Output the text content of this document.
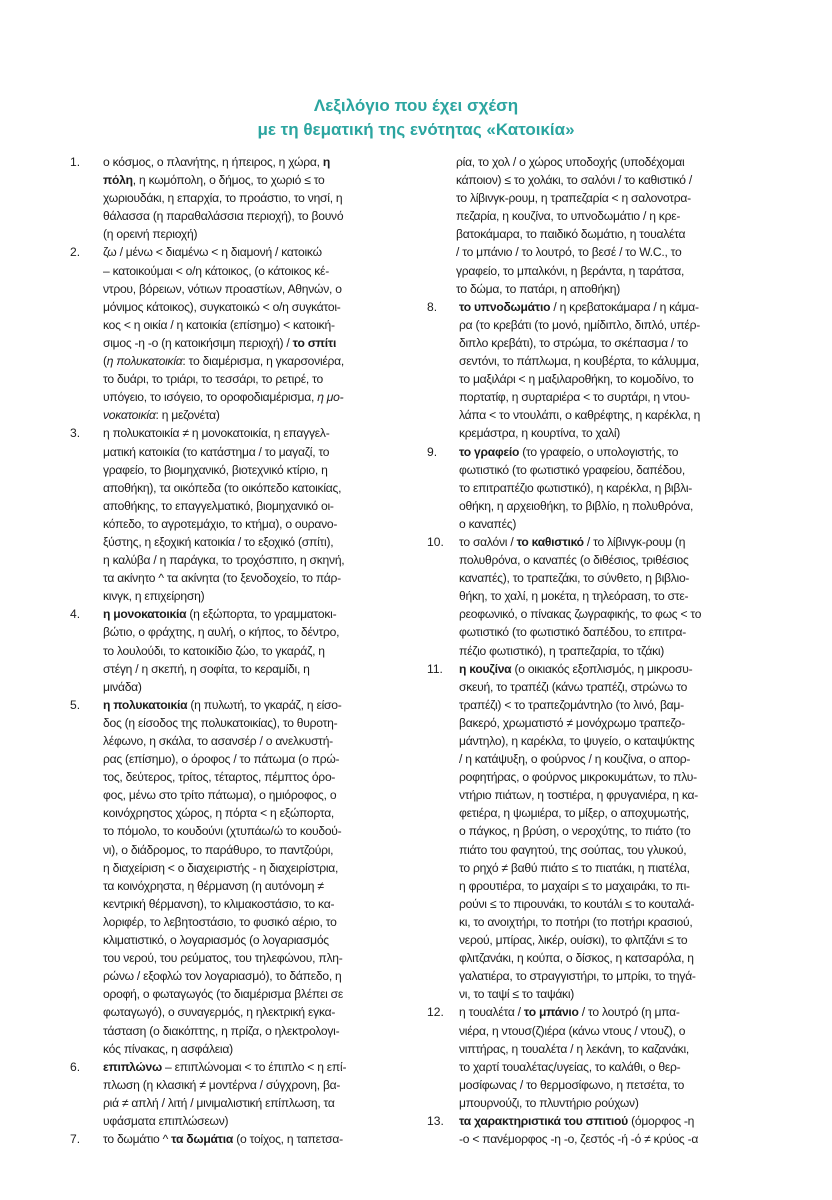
Λεξιλόγιο που έχει σχέση
με τη θεματική της ενότητας «Κατοικία»
1. ο κόσμος, ο πλανήτης, η ήπειρος, η χώρα, η
πόλη, η κωμόπολη, ο δήμος, το χωριό ≤ το
χωριουδάκι, η επαρχία, το προάστιο, το νησί, η
θάλασσα (η παραθαλάσσια περιοχή), το βουνό
(η ορεινή περιοχή)
2. ζω / μένω < διαμένω < η διαμονή / κατοικώ
– κατοικούμαι < ο/η κάτοικος, (ο κάτοικος κέ-
ντρου, βόρειων, νότιων προαστίων, Αθηνών, ο
μόνιμος κάτοικος), συγκατοικώ < ο/η συγκάτοι-
κος < η οικία / η κατοικία (επίσημο) < κατοική-
σιμος -η -ο (η κατοικήσιμη περιοχή) / το σπίτι
(η πολυκατοικία: το διαμέρισμα, η γκαρσονιέρα,
το δυάρι, το τριάρι, το τεσσάρι, το ρετιρέ, το
υπόγειο, το ισόγειο, το οροφοδιαμέρισμα, η μο-
νοκατοικία: η μεζονέτα)
3. η πολυκατοικία ≠ η μονοκατοικία, η επαγγελ-
ματική κατοικία (το κατάστημα / το μαγαζί, το
γραφείο, το βιομηχανικό, βιοτεχνικό κτίριο, η
αποθήκη), τα οικόπεδα (το οικόπεδο κατοικίας,
αποθήκης, το επαγγελματικό, βιομηχανικό οι-
κόπεδο, το αγροτεμάχιο, το κτήμα), ο ουρανο-
ξύστης, η εξοχική κατοικία / το εξοχικό (σπίτι),
η καλύβα / η παράγκα, το τροχόσπιτο, η σκηνή,
τα ακίνητο ^ τα ακίνητα (το ξενοδοχείο, το πάρ-
κινγκ, η επιχείρηση)
4. η μονοκατοικία (η εξώπορτα, το γραμματοκι-
βώτιο, ο φράχτης, η αυλή, ο κήπος, το δέντρο,
το λουλούδι, το κατοικίδιο ζώο, το γκαράζ, η
στέγη / η σκεπή, η σοφίτα, το κεραμίδι, η
μινάδα)
5. η πολυκατοικία (η πυλωτή, το γκαράζ, η είσο-
δος (η είσοδος της πολυκατοικίας), το θυροτη-
λέφωνο, η σκάλα, το ασανσέρ / ο ανελκυστή-
ρας (επίσημο), ο όροφος / το πάτωμα (ο πρώ-
τος, δεύτερος, τρίτος, τέταρτος, πέμπτος όρο-
φος, μένω στο τρίτο πάτωμα), ο ημιόροφος, ο
κοινόχρηστος χώρος, η πόρτα < η εξώπορτα,
το πόμολο, το κουδούνι (χτυπάω/ώ το κουδού-
νι), ο διάδρομος, το παράθυρο, το παντζούρι,
η διαχείριση < ο διαχειριστής - η διαχειρίστρια,
τα κοινόχρηστα, η θέρμανση (η αυτόνομη ≠
κεντρική θέρμανση), το κλιμακοστάσιο, το κα-
λοριφέρ, το λεβητοστάσιο, το φυσικό αέριο, το
κλιματιστικό, ο λογαριασμός (ο λογαριασμός
του νερού, του ρεύματος, του τηλεφώνου, πλη-
ρώνω / εξοφλώ τον λογαριασμό), το δάπεδο, η
οροφή, ο φωταγωγός (το διαμέρισμα βλέπει σε
φωταγωγό), ο συναγερμός, η ηλεκτρική εγκα-
τάσταση (ο διακόπτης, η πρίζα, ο ηλεκτρολογι-
κός πίνακας, η ασφάλεια)
6. επιπλώνω – επιπλώνομαι < το έπιπλο < η επί-
πλωση (η κλασική ≠ μοντέρνα / σύγχρονη, βα-
ριά ≠ απλή / λιτή / μινιμαλιστική επίπλωση, τα
υφάσματα επιπλώσεων)
7. το δωμάτιο ^ τα δωμάτια (ο τοίχος, η ταπετσα-
ρία, το χολ / ο χώρος υποδοχής (υποδέχομαι
κάποιον) ≤ το χολάκι, το σαλόνι / το καθιστικό /
το λίβινγκ-ρουμ, η τραπεζαρία < η σαλονοτρα-
πεζαρία, η κουζίνα, το υπνοδωμάτιο / η κρε-
βατοκάμαρα, το παιδικό δωμάτιο, η τουαλέτα
/ το μπάνιο / το λουτρό, το βεσέ / το W.C., το
γραφείο, το μπαλκόνι, η βεράντα, η ταράτσα,
το δώμα, το πατάρι, η αποθήκη)
8. το υπνοδωμάτιο / η κρεβατοκάμαρα / η κάμα-
ρα (το κρεβάτι (το μονό, ημίδιπλο, διπλό, υπέρ-
διπλο κρεβάτι), το στρώμα, το σκέπασμα / το
σεντόνι, το πάπλωμα, η κουβέρτα, το κάλυμμα,
το μαξιλάρι < η μαξιλαροθήκη, το κομοδίνο, το
πορτατίφ, η συρταριέρα < το συρτάρι, η ντου-
λάπα < το ντουλάπι, ο καθρέφτης, η καρέκλα, η
κρεμάστρα, η κουρτίνα, το χαλί)
9. το γραφείο (το γραφείο, ο υπολογιστής, το
φωτιστικό (το φωτιστικό γραφείου, δαπέδου,
το επιτραπέζιο φωτιστικό), η καρέκλα, η βιβλι-
οθήκη, η αρχειοθήκη, το βιβλίο, η πολυθρόνα,
ο καναπές)
10. το σαλόνι / το καθιστικό / το λίβινγκ-ρουμ (η
πολυθρόνα, ο καναπές (ο διθέσιος, τριθέσιος
καναπές), το τραπεζάκι, το σύνθετο, η βιβλιο-
θήκη, το χαλί, η μοκέτα, η τηλεόραση, το στε-
ρεοφωνικό, ο πίνακας ζωγραφικής, το φως < το
φωτιστικό (το φωτιστικό δαπέδου, το επιτρα-
πέζιο φωτιστικό), η τραπεζαρία, το τζάκι)
11. η κουζίνα (ο οικιακός εξοπλισμός, η μικροσυ-
σκευή, το τραπέζι (κάνω τραπέζι, στρώνω το
τραπέζι) < το τραπεζομάντηλο (το λινό, βαμ-
βακερό, χρωματιστό ≠ μονόχρωμο τραπεζο-
μάντηλο), η καρέκλα, το ψυγείο, ο καταψύκτης
/ η κατάψυξη, ο φούρνος / η κουζίνα, ο απορ-
ροφητήρας, ο φούρνος μικροκυμάτων, το πλυ-
ντήριο πιάτων, η τοστιέρα, η φρυγανιέρα, η κα-
φετιέρα, η ψωμιέρα, το μίξερ, ο αποχυμωτής,
ο πάγκος, η βρύση, ο νεροχύτης, το πιάτο (το
πιάτο του φαγητού, της σούπας, του γλυκού,
το ρηχό ≠ βαθύ πιάτο ≤ το πιατάκι, η πιατέλα,
η φρουτιέρα, το μαχαίρι ≤ το μαχαιράκι, το πι-
ρούνι ≤ το πιρουνάκι, το κουτάλι ≤ το κουταλά-
κι, το ανοιχτήρι, το ποτήρι (το ποτήρι κρασιού,
νερού, μπίρας, λικέρ, ουίσκι), το φλιτζάνι ≤ το
φλιτζανάκι, η κούπα, ο δίσκος, η κατσαρόλα, η
γαλατιέρα, το στραγγιστήρι, το μπρίκι, το τηγά-
νι, το ταψί ≤ το ταψάκι)
12. η τουαλέτα / το μπάνιο / το λουτρό (η μπα-
νιέρα, η ντουσ(ζ)ιέρα (κάνω ντους / ντουζ), ο
νιπτήρας, η τουαλέτα / η λεκάνη, το καζανάκι,
το χαρτί τουαλέτας/υγείας, το καλάθι, ο θερ-
μοσίφωνας / το θερμοσίφωνο, η πετσέτα, το
μπουρνούζι, το πλυντήριο ρούχων)
13. τα χαρακτηριστικά του σπιτιού (όμορφος -η
-ο < πανέμορφος -η -ο, ζεστός -ή -ό ≠ κρύος -α
